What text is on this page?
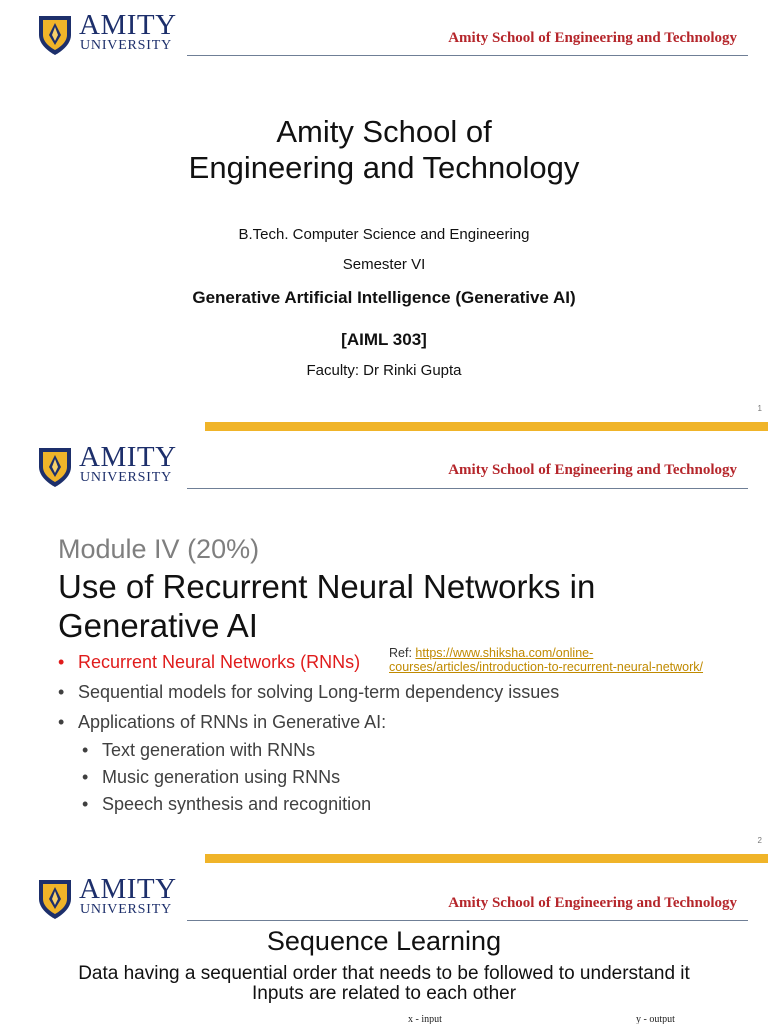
AMITY
UNIVERSITY	Amity School of Engineering and Technology
Amity School of
Engineering and Technology
B.Tech. Computer Science and Engineering
Semester VI
Generative Artificial Intelligence (Generative AI)
[AIML 303]
Faculty: Dr Rinki Gupta
1
AMITY
UNIVERSITY	Amity School of Engineering and Technology
Module IV (20%)
Use of Recurrent Neural Networks in
Generative AI
• Recurrent Neural Networks (RNNs)
• Sequential models for solving Long-term dependency issues
• Applications of RNNs in Generative AI:
• Text generation with RNNs
• Music generation using RNNs
• Speech synthesis and recognition
Ref: https://www.shiksha.com/online-
courses/articles/introduction-to-recurrent-neural-network/
2
AMITY
UNIVERSITY	Amity School of Engineering and Technology
Sequence Learning
Data having a sequential order that needs to be followed to understand it
Inputs are related to each other
x - input	y - output
